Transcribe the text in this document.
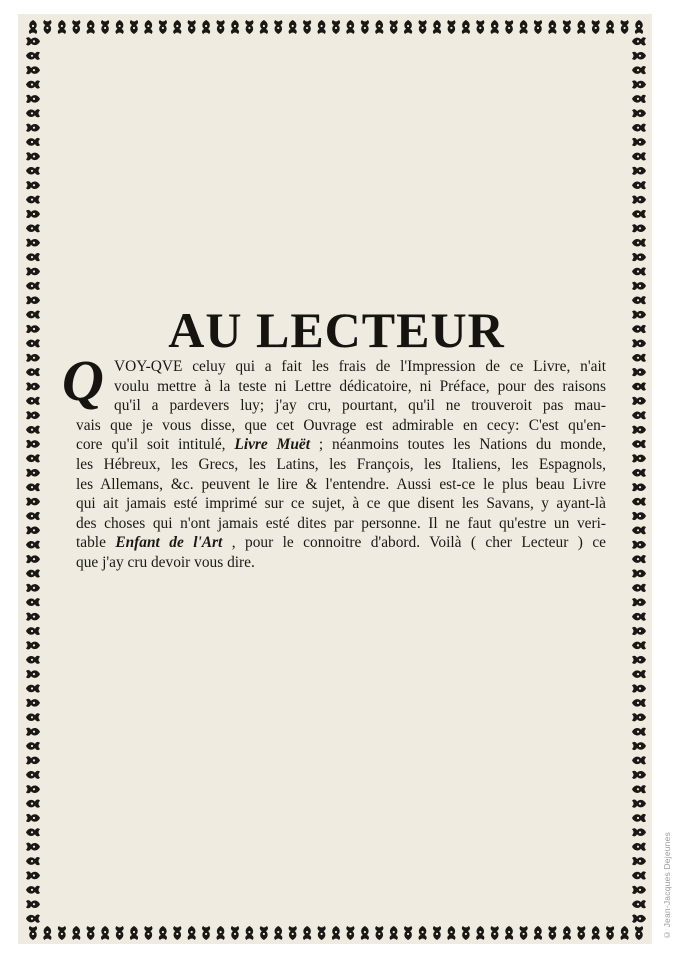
AU LECTEUR
Q VOY-QVE celuy qui a fait les frais de l'Impression de ce Livre, n'ait
voulu mettre à la teste ni Lettre dédicatoire, ni Préface, pour des raisons
qu'il a pardevers luy; j'ay cru, pourtant, qu'il ne trouveroit pas mau-
vais que je vous disse, que cet Ouvrage est admirable en cecy: C'est qu'en-
core qu'il soit intitulé, Livre Muët ; néanmoins toutes les Nations du monde,
les Hébreux, les Grecs, les Latins, les François, les Italiens, les Espagnols,
les Allemans, &c. peuvent le lire & l'entendre. Aussi est-ce le plus beau Livre
qui ait jamais esté imprimé sur ce sujet, à ce que disent les Savans, y ayant-là
des choses qui n'ont jamais esté dites par personne. Il ne faut qu'estre un veri-
table Enfant de l'Art , pour le connoitre d'abord. Voilà ( cher Lecteur ) ce
que j'ay cru devoir vous dire.
© Jean-Jacques Dejeunes
